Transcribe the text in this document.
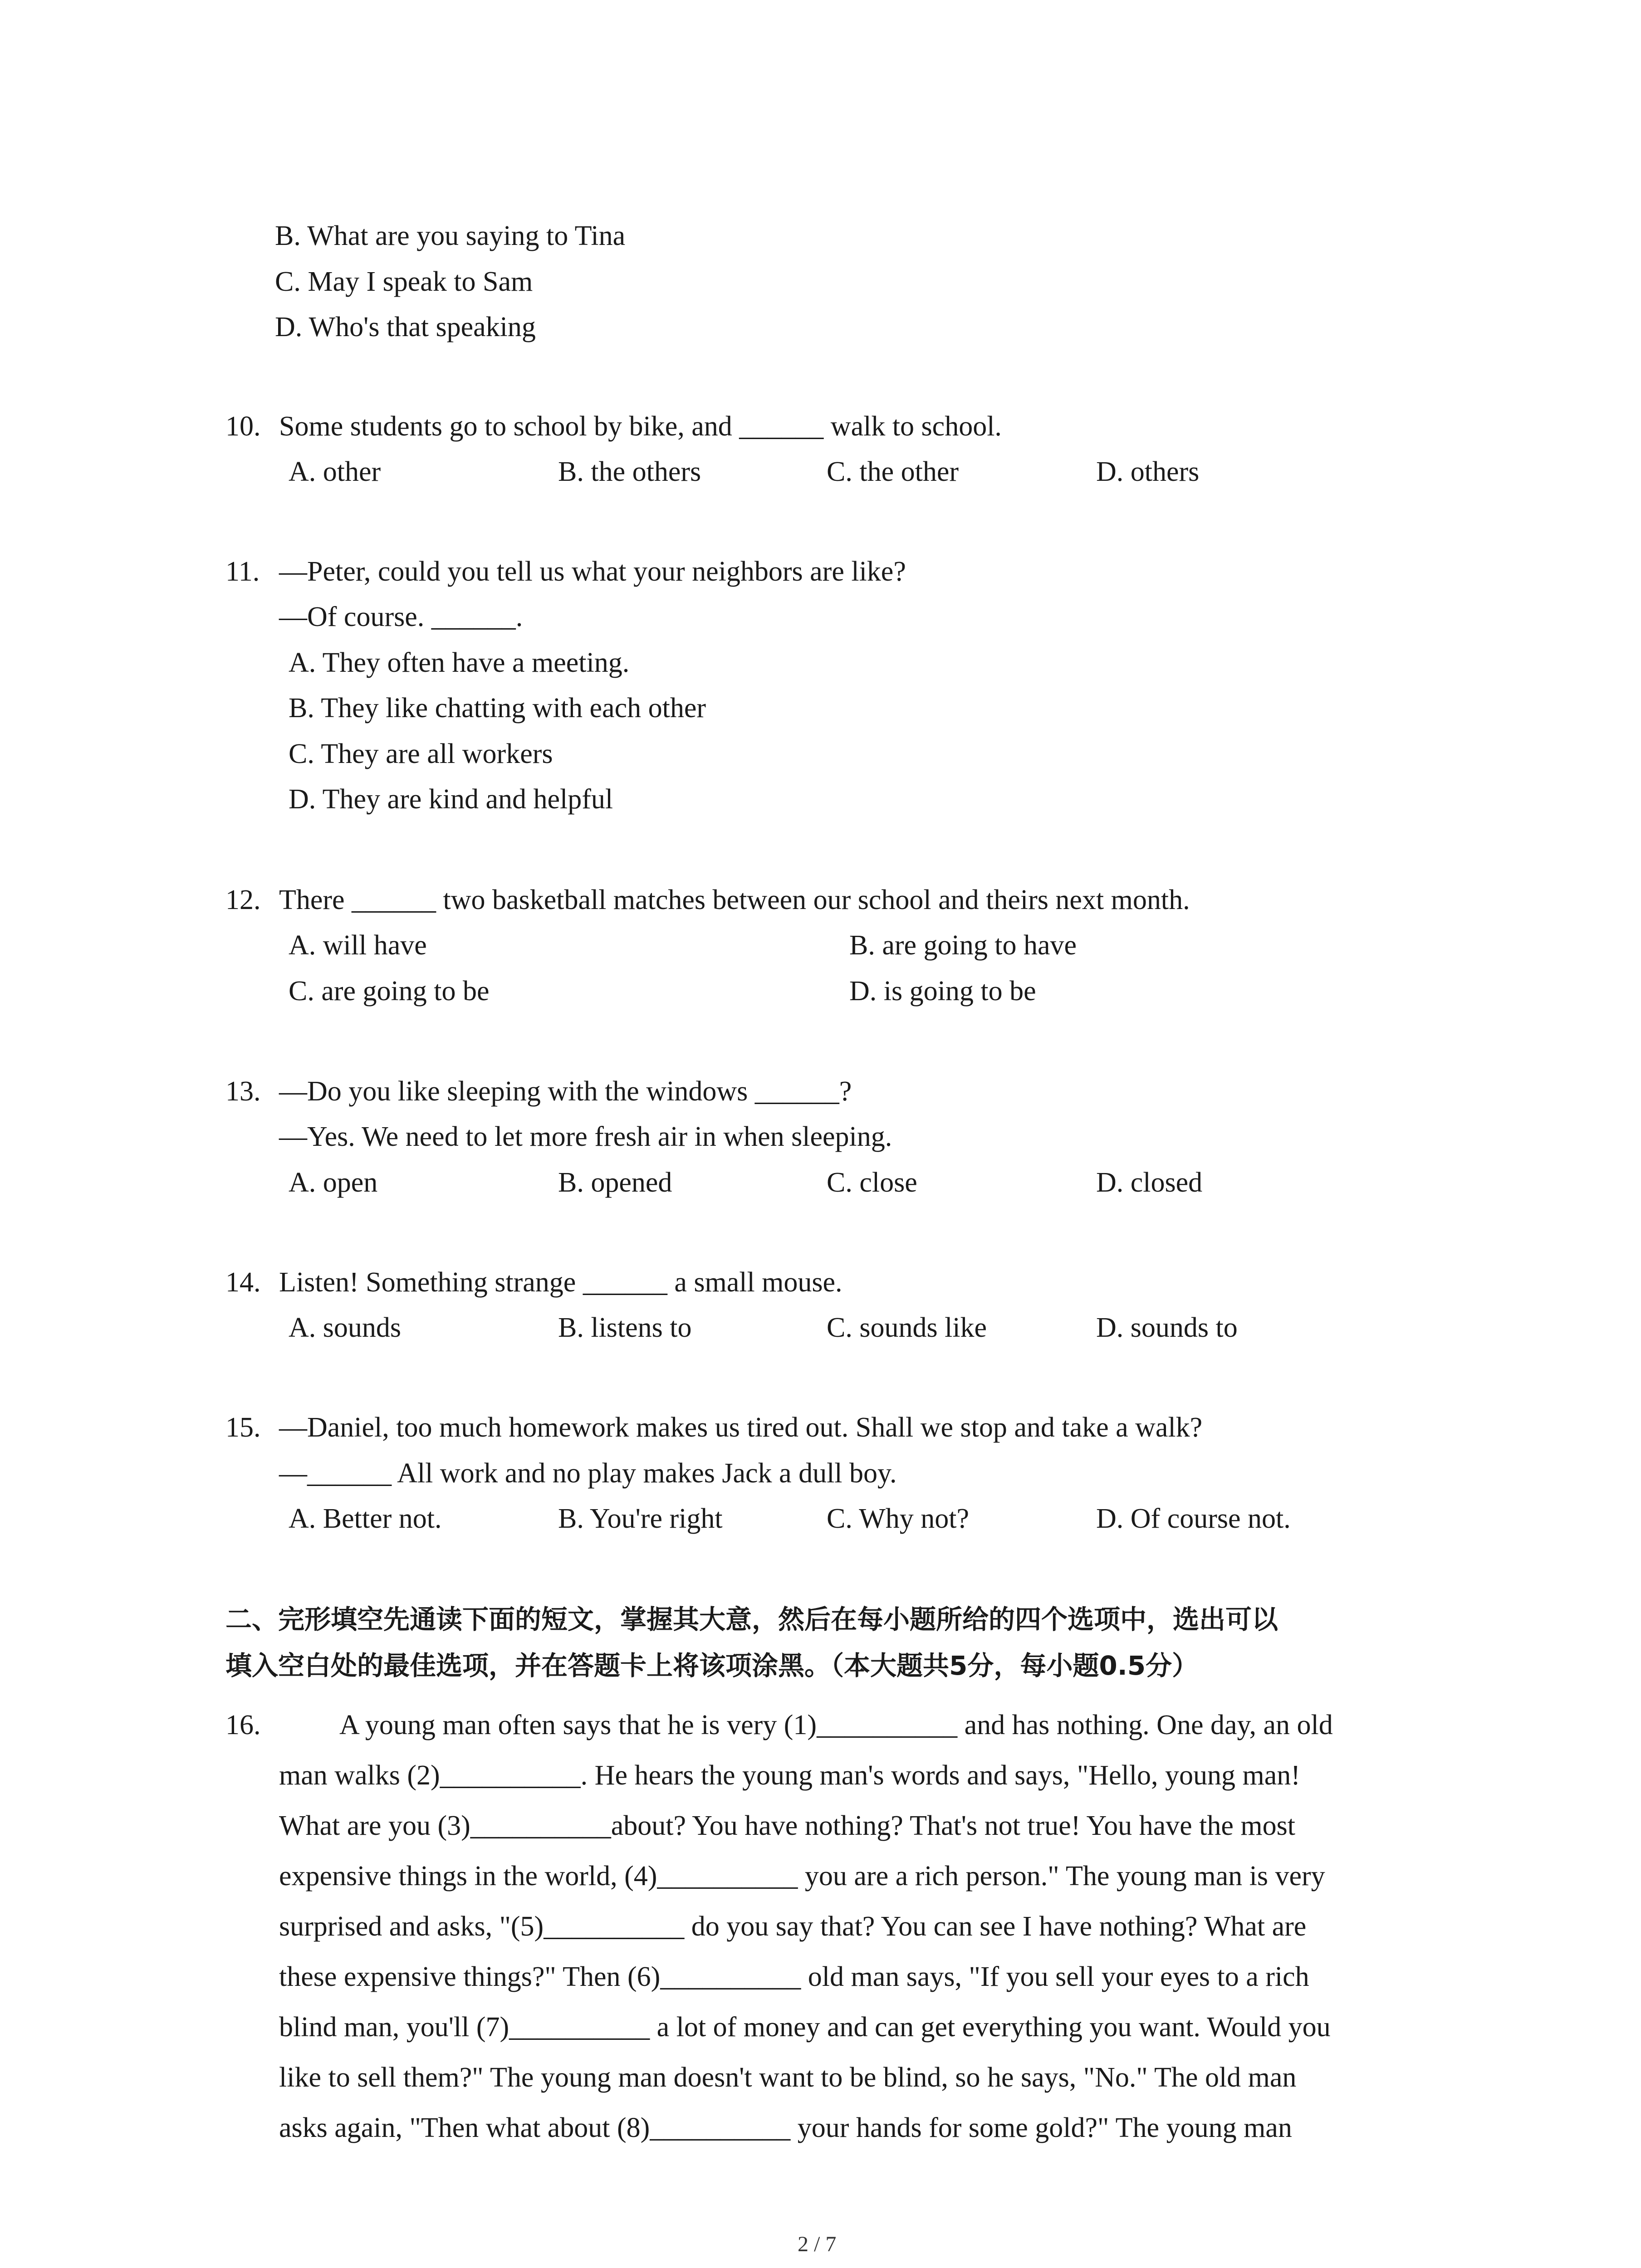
B. What are you saying to Tina
C. May I speak to Sam
D. Who's that speaking
10. Some students go to school by bike, and ______ walk to school.
A. other	B. the others	C. the other	D. others
11. —Peter, could you tell us what your neighbors are like?
—Of course. ______.
A. They often have a meeting.
B. They like chatting with each other
C. They are all workers
D. They are kind and helpful
12. There ______ two basketball matches between our school and theirs next month.
A. will have	B. are going to have
C. are going to be	D. is going to be
13. —Do you like sleeping with the windows ______?
—Yes. We need to let more fresh air in when sleeping.
A. open	B. opened	C. close	D. closed
14. Listen! Something strange ______ a small mouse.
A. sounds	B. listens to	C. sounds like	D. sounds to
15. —Daniel, too much homework makes us tired out. Shall we stop and take a walk?
—______ All work and no play makes Jack a dull boy.
A. Better not.	B. You're right	C. Why not?	D. Of course not.
二、完形填空先通读下面的短文，掌握其大意，然后在每小题所给的四个选项中，选出可以
填入空白处的最佳选项，并在答题卡上将该项涂黑。（本大题共5分，每小题0.5分）
16.	A young man often says that he is very (1)__________ and has nothing. One day, an old
man walks (2)__________. He hears the young man's words and says, "Hello, young man!
What are you (3)__________about? You have nothing? That's not true! You have the most
expensive things in the world, (4)__________ you are a rich person." The young man is very
surprised and asks, "(5)__________ do you say that? You can see I have nothing? What are
these expensive things?" Then (6)__________ old man says, "If you sell your eyes to a rich
blind man, you'll (7)__________ a lot of money and can get everything you want. Would you
like to sell them?" The young man doesn't want to be blind, so he says, "No." The old man
asks again, "Then what about (8)__________ your hands for some gold?" The young man
2 / 7
